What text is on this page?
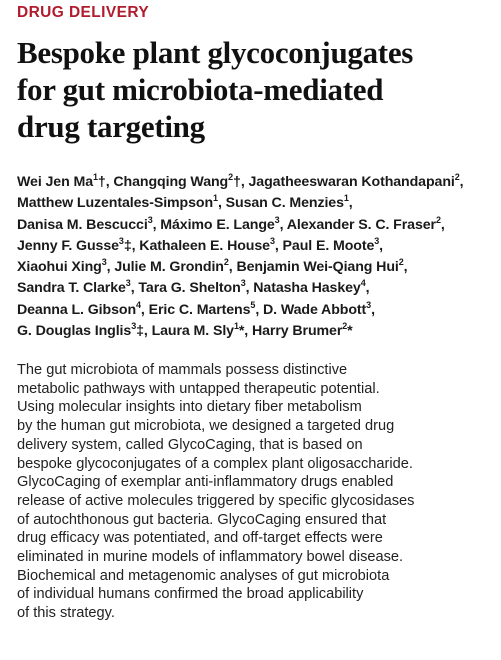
DRUG DELIVERY
Bespoke plant glycoconjugates
for gut microbiota-mediated
drug targeting
Wei Jen Ma$^1$†, Changqing Wang$^2$†, Jagatheeswaran Kothandapani$^2$,
Matthew Luzentales-Simpson$^1$, Susan C. Menzies$^1$,
Danisa M. Bescucci$^3$, Máximo E. Lange$^3$, Alexander S. C. Fraser$^2$,
Jenny F. Gusse$^3$‡, Kathaleen E. House$^3$, Paul E. Moote$^3$,
Xiaohui Xing$^3$, Julie M. Grondin$^2$, Benjamin Wei-Qiang Hui$^2$,
Sandra T. Clarke$^3$, Tara G. Shelton$^3$, Natasha Haskey$^4$,
Deanna L. Gibson$^4$, Eric C. Martens$^5$, D. Wade Abbott$^3$,
G. Douglas Inglis$^3$‡, Laura M. Sly$^1$*, Harry Brumer$^2$*
The gut microbiota of mammals possess distinctive
metabolic pathways with untapped therapeutic potential.
Using molecular insights into dietary fiber metabolism
by the human gut microbiota, we designed a targeted drug
delivery system, called GlycoCaging, that is based on
bespoke glycoconjugates of a complex plant oligosaccharide.
GlycoCaging of exemplar anti-inflammatory drugs enabled
release of active molecules triggered by specific glycosidases
of autochthonous gut bacteria. GlycoCaging ensured that
drug efficacy was potentiated, and off-target effects were
eliminated in murine models of inflammatory bowel disease.
Biochemical and metagenomic analyses of gut microbiota
of individual humans confirmed the broad applicability
of this strategy.
